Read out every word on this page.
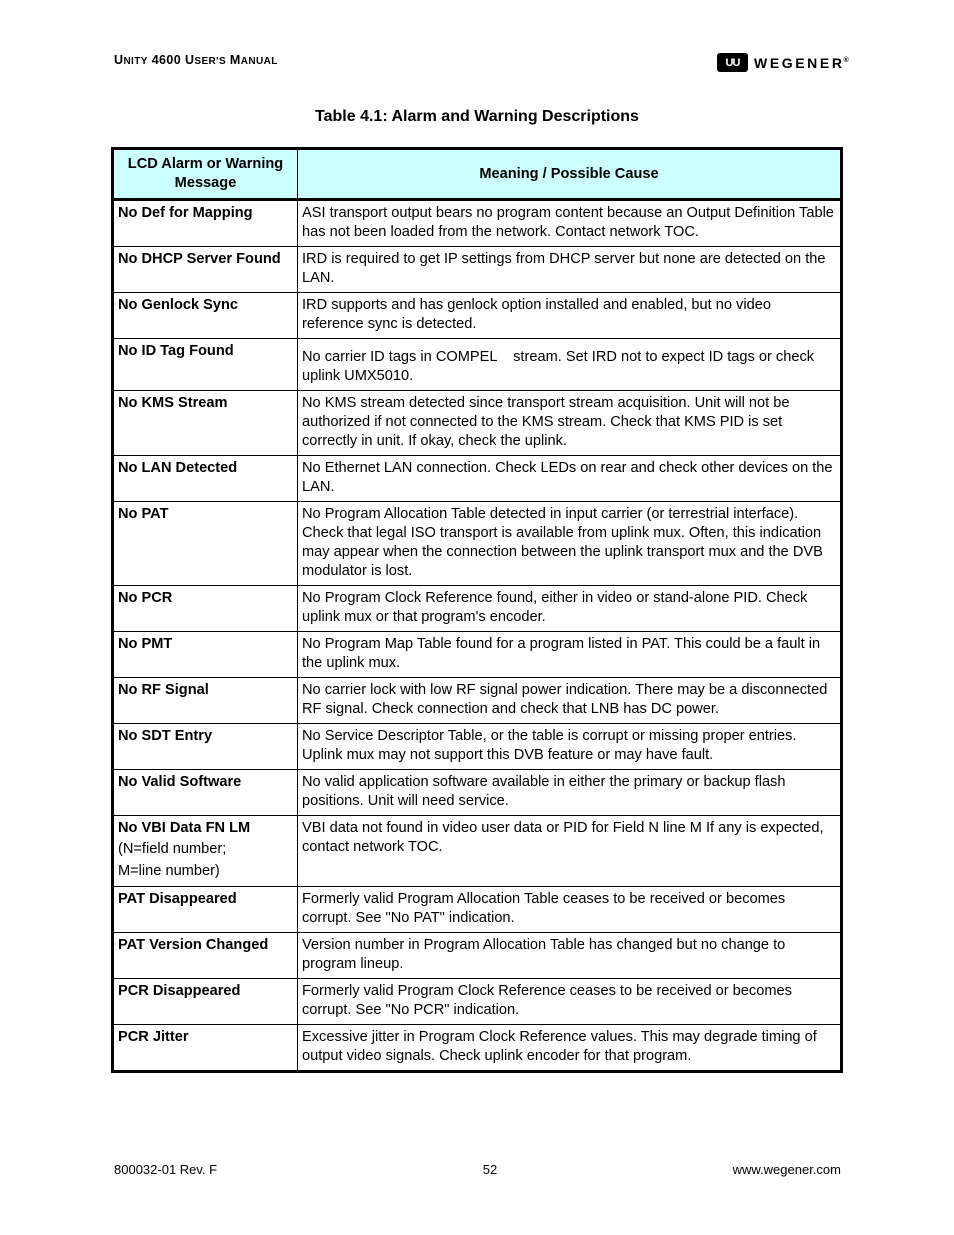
UNITY 4600 USER'S MANUAL	UU WEGENER®
Table 4.1: Alarm and Warning Descriptions
LCD Alarm or Warning Message	Meaning / Possible Cause
No Def for Mapping	ASI transport output bears no program content because an Output Definition Table has not been loaded from the network. Contact network TOC.
No DHCP Server Found	IRD is required to get IP settings from DHCP server but none are detected on the LAN.
No Genlock Sync	IRD supports and has genlock option installed and enabled, but no video reference sync is detected.
No ID Tag Found	No carrier ID tags in COMPEL    stream. Set IRD not to expect ID tags or check uplink UMX5010.
No KMS Stream	No KMS stream detected since transport stream acquisition. Unit will not be authorized if not connected to the KMS stream. Check that KMS PID is set correctly in unit. If okay, check the uplink.
No LAN Detected	No Ethernet LAN connection. Check LEDs on rear and check other devices on the LAN.
No PAT	No Program Allocation Table detected in input carrier (or terrestrial interface). Check that legal ISO transport is available from uplink mux. Often, this indication may appear when the connection between the uplink transport mux and the DVB modulator is lost.
No PCR	No Program Clock Reference found, either in video or stand-alone PID. Check uplink mux or that program's encoder.
No PMT	No Program Map Table found for a program listed in PAT. This could be a fault in the uplink mux.
No RF Signal	No carrier lock with low RF signal power indication. There may be a disconnected RF signal. Check connection and check that LNB has DC power.
No SDT Entry	No Service Descriptor Table, or the table is corrupt or missing proper entries. Uplink mux may not support this DVB feature or may have fault.
No Valid Software	No valid application software available in either the primary or backup flash positions. Unit will need service.
No VBI Data FN LM
(N=field number;
M=line number)	VBI data not found in video user data or PID for Field N line M If any is expected, contact network TOC.
PAT Disappeared	Formerly valid Program Allocation Table ceases to be received or becomes corrupt. See "No PAT" indication.
PAT Version Changed	Version number in Program Allocation Table has changed but no change to program lineup.
PCR Disappeared	Formerly valid Program Clock Reference ceases to be received or becomes corrupt. See "No PCR" indication.
PCR Jitter	Excessive jitter in Program Clock Reference values. This may degrade timing of output video signals. Check uplink encoder for that program.
800032-01 Rev. F	52	www.wegener.com
